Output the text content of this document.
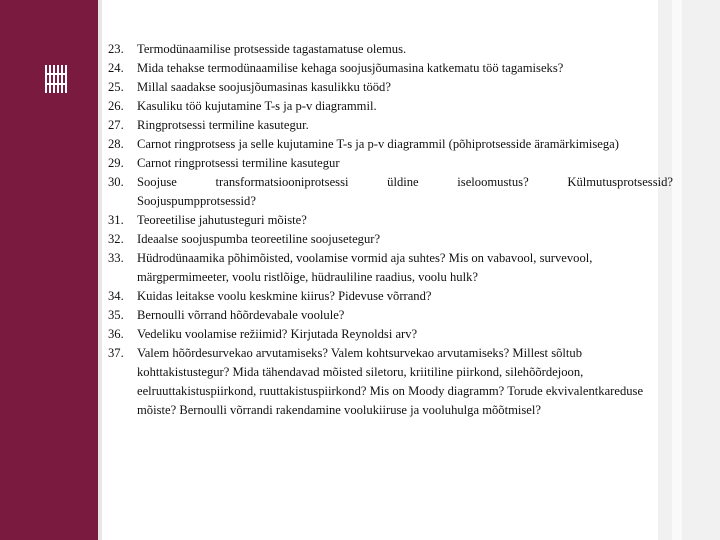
23.	Termodünaamilise protsesside tagastamatuse olemus.
24.	Mida tehakse termodünaamilise kehaga soojusjõumasina katkematu töö tagamiseks?
25.	Millal saadakse soojusjõumasinas kasulikku tööd?
26.	Kasuliku töö kujutamine T-s ja p-v diagrammil.
27.	Ringprotsessi termiline kasutegur.
28.	Carnot ringprotsess ja selle kujutamine T-s ja p-v diagrammil (põhiprotsesside äramärkimisega)
29.	Carnot ringprotsessi termiline kasutegur
30.	Soojuse transformatsiooniprotsessi üldine iseloomustus? Külmutusprotsessid?
Soojuspumpprotsessid?
31.	Teoreetilise jahutusteguri mõiste?
32.	Ideaalse soojuspumba teoreetiline soojusetegur?
33.	Hüdrodünaamika põhimõisted, voolamise vormid aja suhtes? Mis on vabavool, survevool, märgpermimeeter, voolu ristlõige, hüdrauliline raadius, voolu hulk?
34.	Kuidas leitakse voolu keskmine kiirus? Pidevuse võrrand?
35.	Bernoulli võrrand hõõrdevabale voolule?
36.	Vedeliku voolamise režiimid? Kirjutada Reynoldsi arv?
37.	Valem hõõrdesurvekao arvutamiseks? Valem kohtsurvekao arvutamiseks? Millest sõltub kohttakistustegur? Mida tähendavad mõisted siletoru, kriitiline piirkond, silehõõrdejoon, eelruuttakistuspiirkond, ruuttakistuspiirkond? Mis on Moody diagramm? Torude ekvivalentkareduse mõiste? Bernoulli võrrandi rakendamine voolukiiruse ja vooluhulga mõõtmisel?
